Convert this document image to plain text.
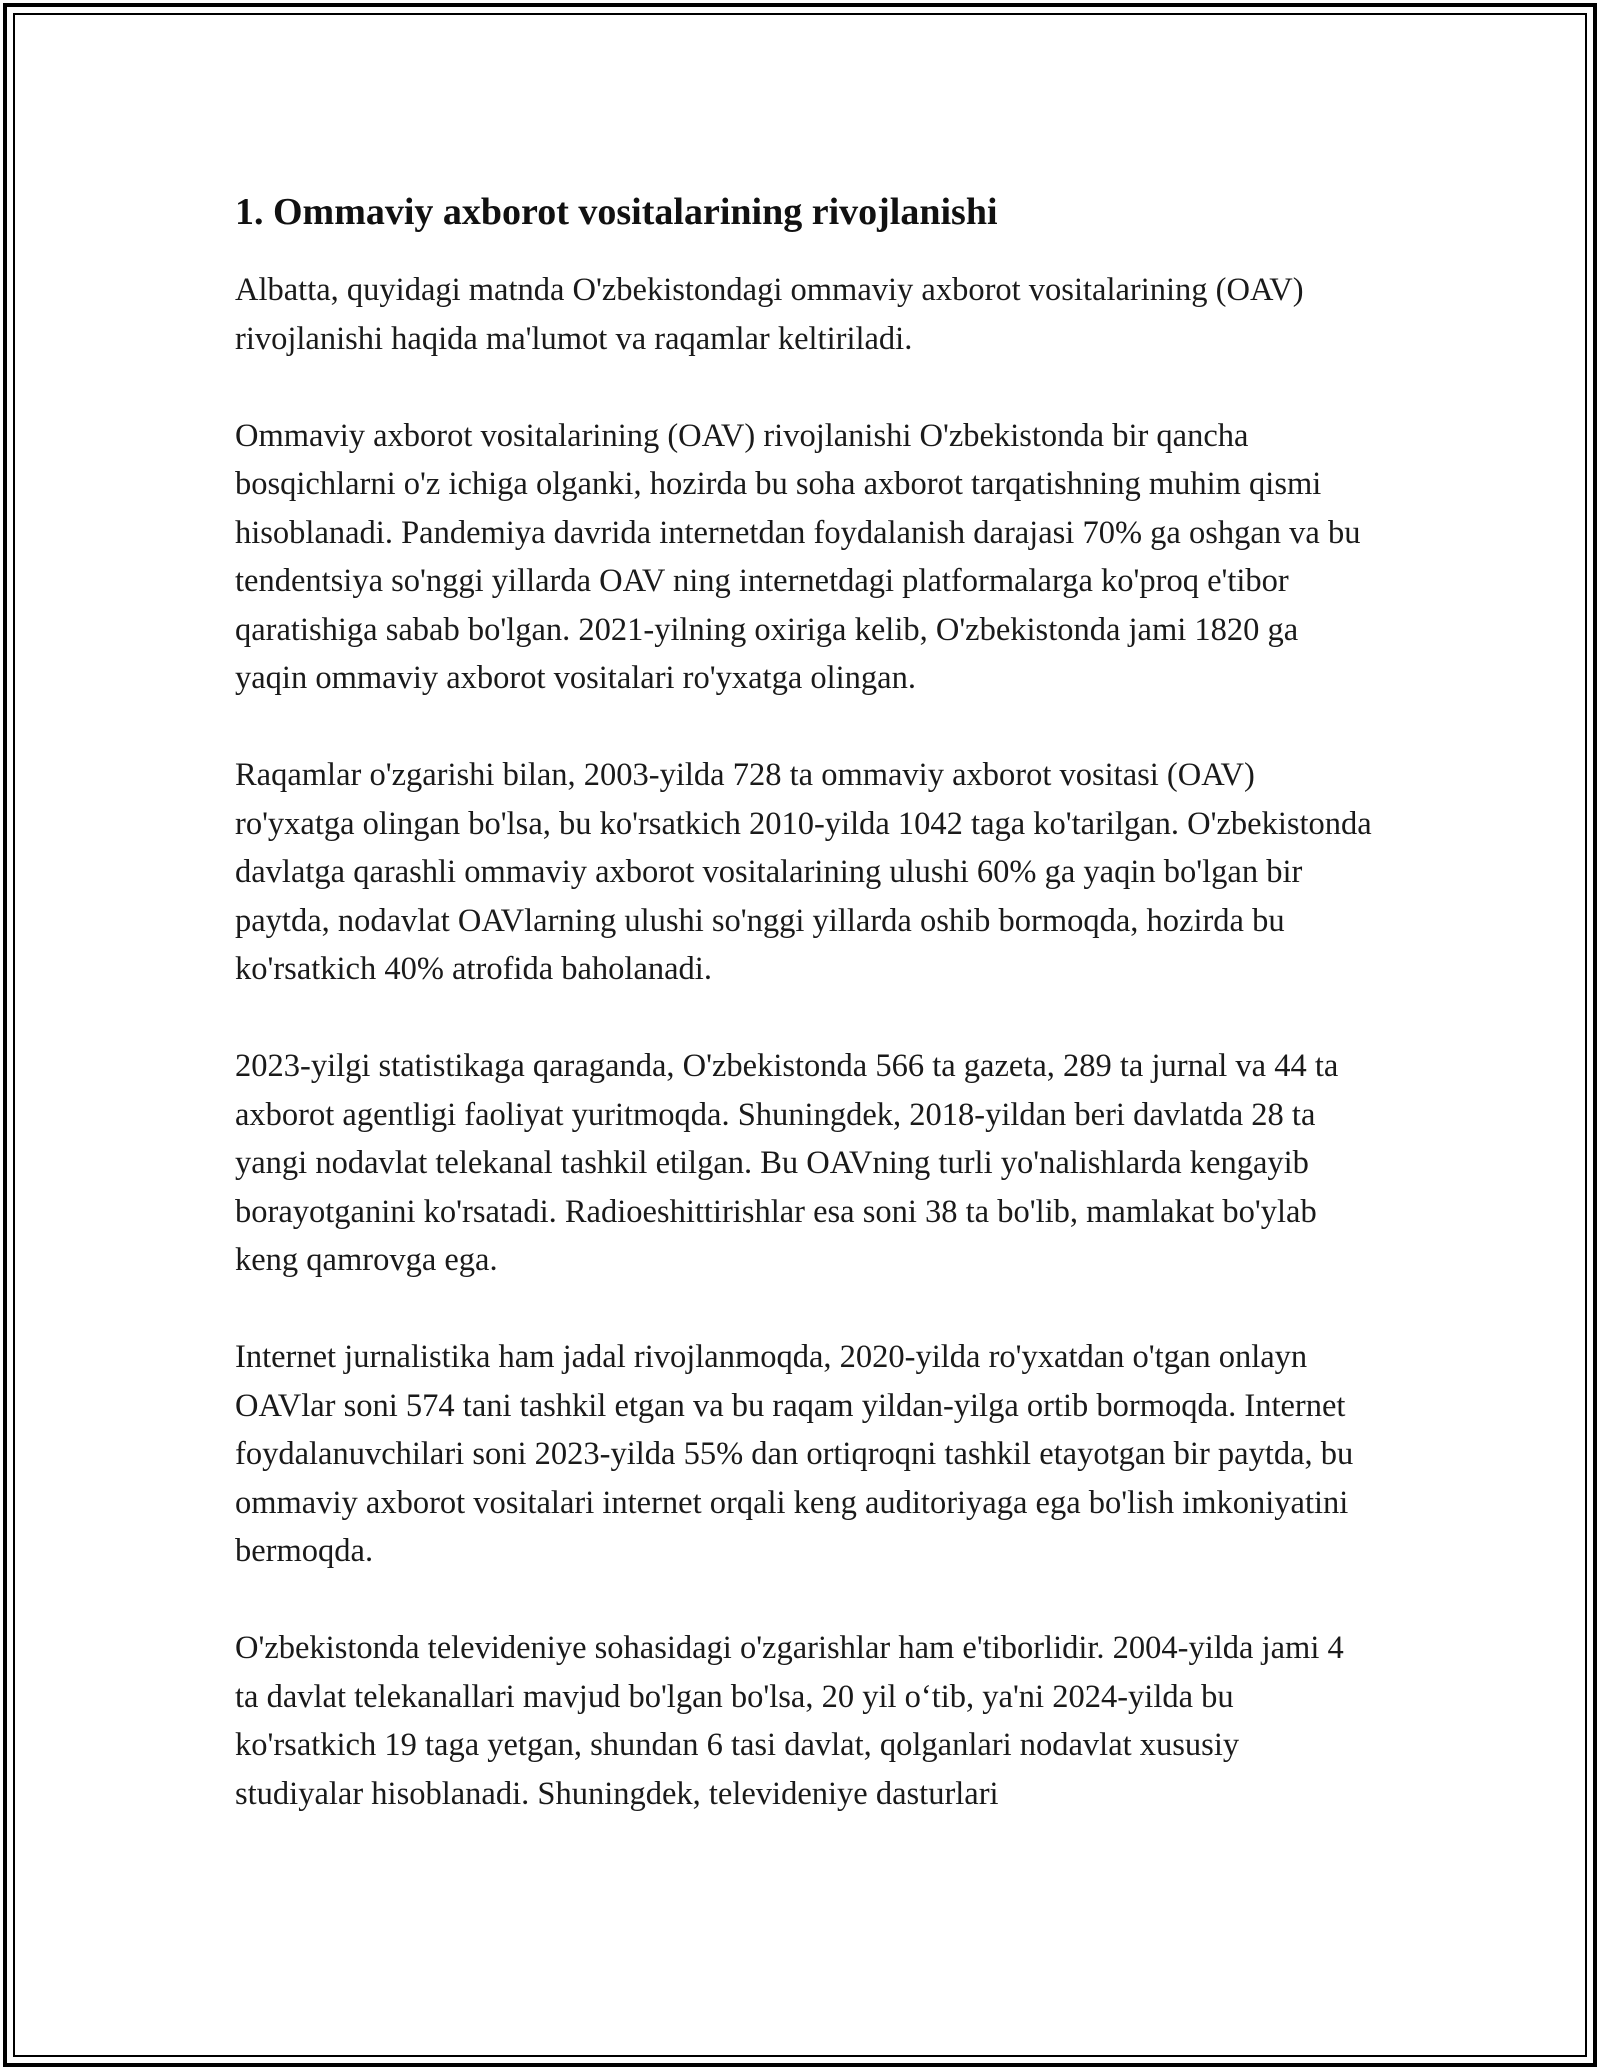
1. Ommaviy axborot vositalarining rivojlanishi

Albatta, quyidagi matnda O'zbekistondagi ommaviy axborot vositalarining (OAV) rivojlanishi haqida ma'lumot va raqamlar keltiriladi.

Ommaviy axborot vositalarining (OAV) rivojlanishi O'zbekistonda bir qancha bosqichlarni o'z ichiga olganki, hozirda bu soha axborot tarqatishning muhim qismi hisoblanadi. Pandemiya davrida internetdan foydalanish darajasi 70% ga oshgan va bu tendentsiya so'nggi yillarda OAV ning internetdagi platformalarga ko'proq e'tibor qaratishiga sabab bo'lgan. 2021-yilning oxiriga kelib, O'zbekistonda jami 1820 ga yaqin ommaviy axborot vositalari ro'yxatga olingan.

Raqamlar o'zgarishi bilan, 2003-yilda 728 ta ommaviy axborot vositasi (OAV) ro'yxatga olingan bo'lsa, bu ko'rsatkich 2010-yilda 1042 taga ko'tarilgan. O'zbekistonda davlatga qarashli ommaviy axborot vositalarining ulushi 60% ga yaqin bo'lgan bir paytda, nodavlat OAVlarning ulushi so'nggi yillarda oshib bormoqda, hozirda bu ko'rsatkich 40% atrofida baholanadi.

2023-yilgi statistikaga qaraganda, O'zbekistonda 566 ta gazeta, 289 ta jurnal va 44 ta axborot agentligi faoliyat yuritmoqda. Shuningdek, 2018-yildan beri davlatda 28 ta yangi nodavlat telekanal tashkil etilgan. Bu OAVning turli yo'nalishlarda kengayib borayotganini ko'rsatadi. Radioeshittirishlar esa soni 38 ta bo'lib, mamlakat bo'ylab keng qamrovga ega.

Internet jurnalistika ham jadal rivojlanmoqda, 2020-yilda ro'yxatdan o'tgan onlayn OAVlar soni 574 tani tashkil etgan va bu raqam yildan-yilga ortib bormoqda. Internet foydalanuvchilari soni 2023-yilda 55% dan ortiqroqni tashkil etayotgan bir paytda, bu ommaviy axborot vositalari internet orqali keng auditoriyaga ega bo'lish imkoniyatini bermoqda.

O'zbekistonda televideniye sohasidagi o'zgarishlar ham e'tiborlidir. 2004-yilda jami 4 ta davlat telekanallari mavjud bo'lgan bo'lsa, 20 yil o‘tib, ya'ni 2024-yilda bu ko'rsatkich 19 taga yetgan, shundan 6 tasi davlat, qolganlari nodavlat xususiy studiyalar hisoblanadi. Shuningdek, televideniye dasturlari
